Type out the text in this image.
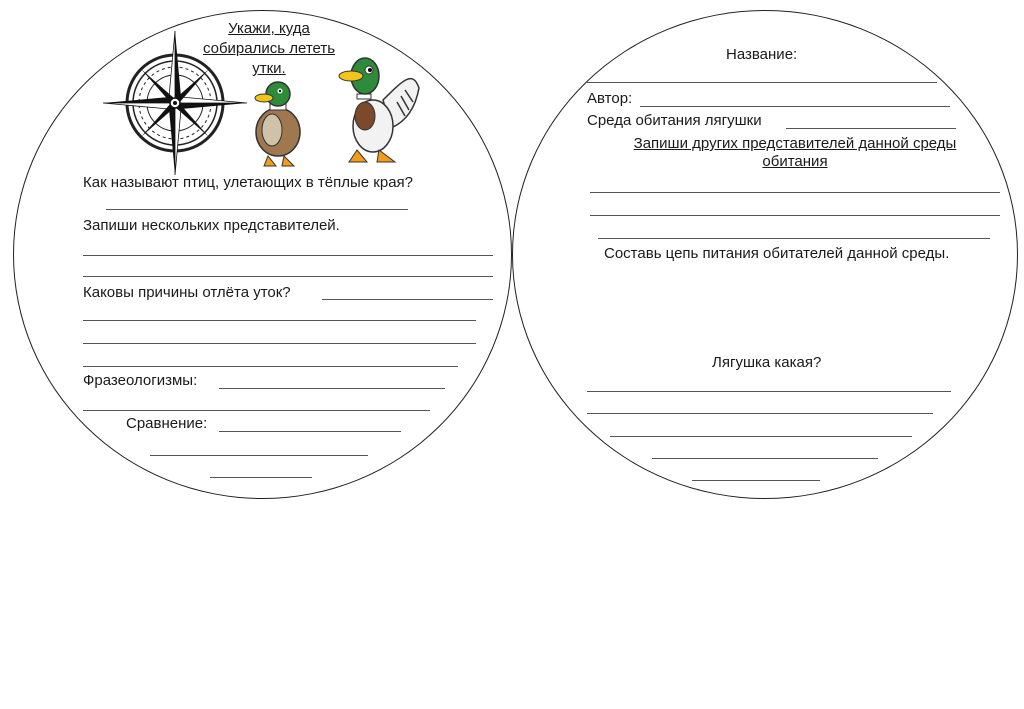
Укажи, куда
собирались лететь
утки.
Как называют птиц, улетающих в тёплые края?
Запиши нескольких представителей.
Каковы причины отлёта уток?
Фразеологизмы:
Сравнение:
Название:
Автор:
Среда обитания лягушки
Запиши других представителей данной среды
обитания
Составь цепь питания обитателей данной среды.
Лягушка какая?
